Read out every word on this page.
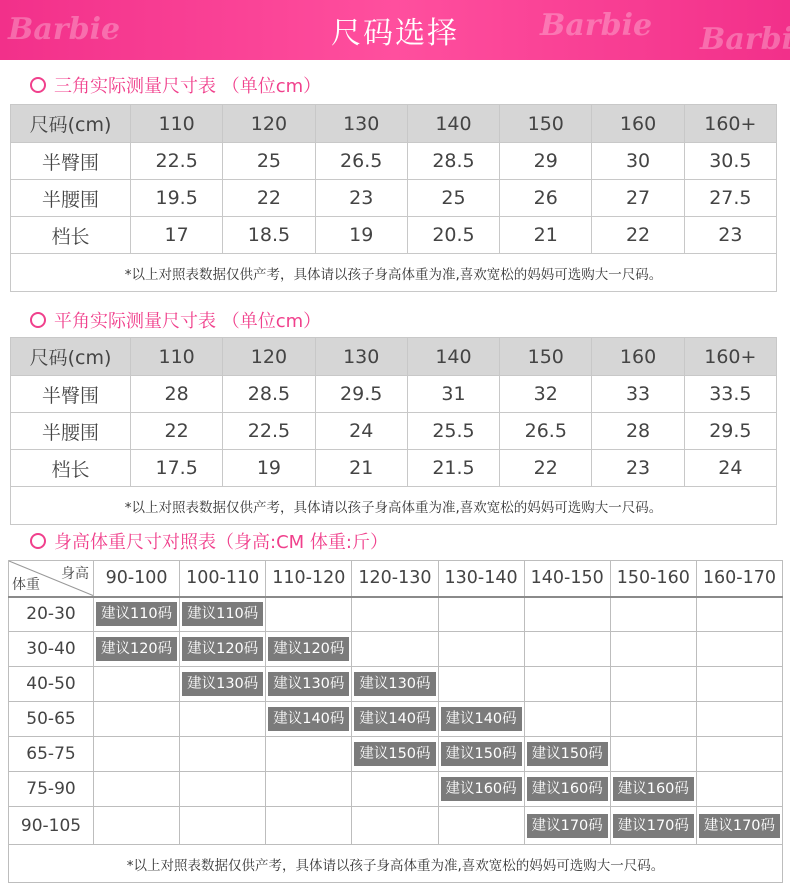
Barbie	Barbie Barbie
尺码选择
三角实际测量尺寸表 （单位cm）
尺码(cm)	110	120	130	140	150	160	160+
半臀围	22.5	25	26.5	28.5	29	30	30.5
半腰围	19.5	22	23	25	26	27	27.5
档长	17	18.5	19	20.5	21	22	23
*以上对照表数据仅供产考，具体请以孩子身高体重为准,喜欢宽松的妈妈可选购大一尺码。							
平角实际测量尺寸表 （单位cm）
尺码(cm)	110	120	130	140	150	160	160+
半臀围	28	28.5	29.5	31	32	33	33.5
半腰围	22	22.5	24	25.5	26.5	28	29.5
档长	17.5	19	21	21.5	22	23	24
*以上对照表数据仅供产考，具体请以孩子身高体重为准,喜欢宽松的妈妈可选购大一尺码。							
身高体重尺寸对照表（身高:CM 体重:斤）
身高
体重	90-100	100-110	110-120	120-130	130-140	140-150	150-160	160-170
20-30	建议110码	建议110码						

30-40	建议120码	建议120码	建议120码					

40-50		建议130码	建议130码	建议130码				

50-65			建议140码	建议140码	建议140码			

65-75				建议150码	建议150码	建议150码		

75-90					建议160码	建议160码	建议160码	

90-105						建议170码	建议170码	建议170码
*以上对照表数据仅供产考，具体请以孩子身高体重为准,喜欢宽松的妈妈可选购大一尺码。
